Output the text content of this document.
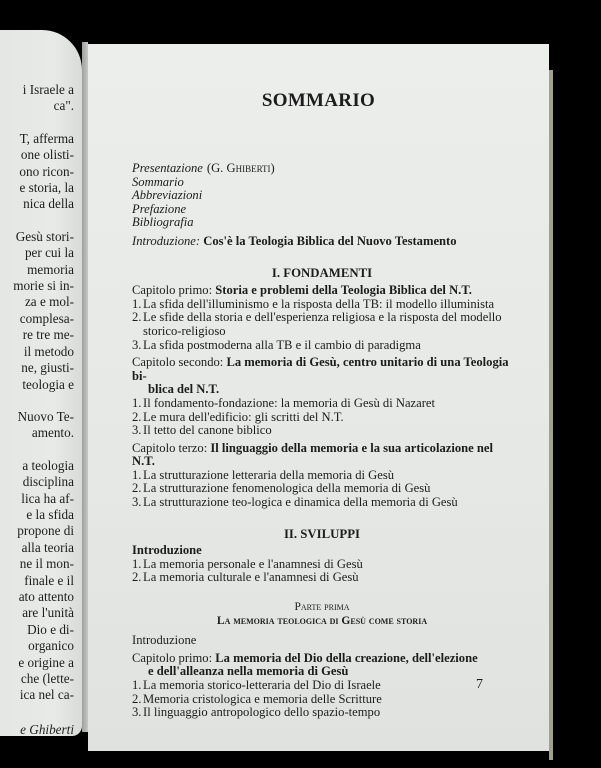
i Israele a
ca".
T, afferma
one olisti-
ono ricon-
e storia, la
nica della
Gesù stori-
per cui la
memoria
morie si in-
za e mol-
complesa-
re tre me-
il metodo
ne, giusti-
teologia e
Nuovo Te-
amento.
a teologia
disciplina
lica ha af-
e la sfida
propone di
alla teoria
ne il mon-
finale e il
ato attento
are l'unità
Dio e di-
organico
e origine a
che (lette-
ica nel ca-
e Ghiberti
SOMMARIO
Presentazione (G. Ghiberti)
Sommario
Abbreviazioni
Prefazione
Bibliografia
Introduzione: Cos'è la Teologia Biblica del Nuovo Testamento
I. FONDAMENTI
Capitolo primo: Storia e problemi della Teologia Biblica del N.T.
1. La sfida dell'illuminismo e la risposta della TB: il modello illuminista
2. Le sfide della storia e dell'esperienza religiosa e la risposta del modello storico-religioso
3. La sfida postmoderna alla TB e il cambio di paradigma
Capitolo secondo: La memoria di Gesù, centro unitario di una Teologia bi-
blica del N.T.
1. Il fondamento-fondazione: la memoria di Gesù di Nazaret
2. Le mura dell'edificio: gli scritti del N.T.
3. Il tetto del canone biblico
Capitolo terzo: Il linguaggio della memoria e la sua articolazione nel N.T.
1. La strutturazione letteraria della memoria di Gesù
2. La strutturazione fenomenologica della memoria di Gesù
3. La strutturazione teo-logica e dinamica della memoria di Gesù
II. SVILUPPI
Introduzione
1. La memoria personale e l'anamnesi di Gesù
2. La memoria culturale e l'anamnesi di Gesù
Parte prima
La memoria teologica di Gesù come storia
Introduzione
Capitolo primo: La memoria del Dio della creazione, dell'elezione
e dell'alleanza nella memoria di Gesù
1. La memoria storico-letteraria del Dio di Israele
2. Memoria cristologica e memoria delle Scritture
3. Il linguaggio antropologico dello spazio-tempo
7
